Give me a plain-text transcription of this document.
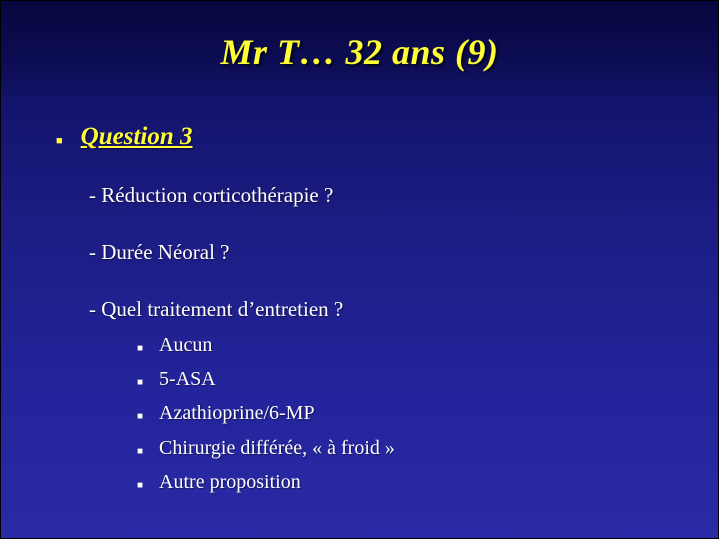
Mr T… 32 ans (9)
■ Question 3
- Réduction corticothérapie ?
- Durée Néoral ?
- Quel traitement d’entretien ?
■ Aucun
■ 5-ASA
■ Azathioprine/6-MP
■ Chirurgie différée, « à froid »
■ Autre proposition
